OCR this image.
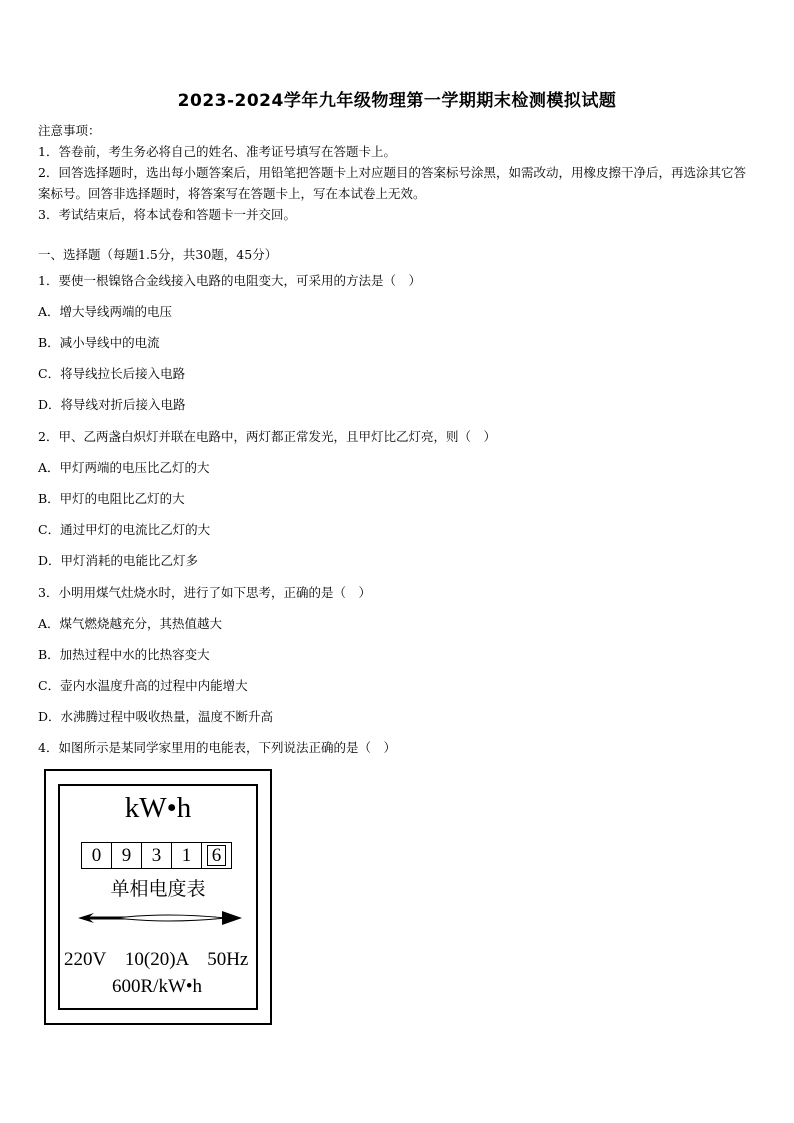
2023-2024学年九年级物理第一学期期末检测模拟试题
注意事项：
1．答卷前，考生务必将自己的姓名、准考证号填写在答题卡上。
2．回答选择题时，选出每小题答案后，用铅笔把答题卡上对应题目的答案标号涂黑，如需改动，用橡皮擦干净后，再选涂其它答案标号。回答非选择题时，将答案写在答题卡上，写在本试卷上无效。
3．考试结束后，将本试卷和答题卡一并交回。
一、选择题（每题1.5分，共30题，45分）
1．要使一根镍铬合金线接入电路的电阻变大，可采用的方法是（　）
A．增大导线两端的电压
B．减小导线中的电流
C．将导线拉长后接入电路
D．将导线对折后接入电路
2．甲、乙两盏白炽灯并联在电路中，两灯都正常发光，且甲灯比乙灯亮，则（　）
A．甲灯两端的电压比乙灯的大
B．甲灯的电阻比乙灯的大
C．通过甲灯的电流比乙灯的大
D．甲灯消耗的电能比乙灯多
3．小明用煤气灶烧水时，进行了如下思考，正确的是（　）
A．煤气燃烧越充分，其热值越大
B．加热过程中水的比热容变大
C．壶内水温度升高的过程中内能增大
D．水沸腾过程中吸收热量，温度不断升高
4．如图所示是某同学家里用的电能表，下列说法正确的是（　）
kW•h
0	9	3	1	6
单相电度表
220V　10(20)A　50Hz
600R/kW•h
